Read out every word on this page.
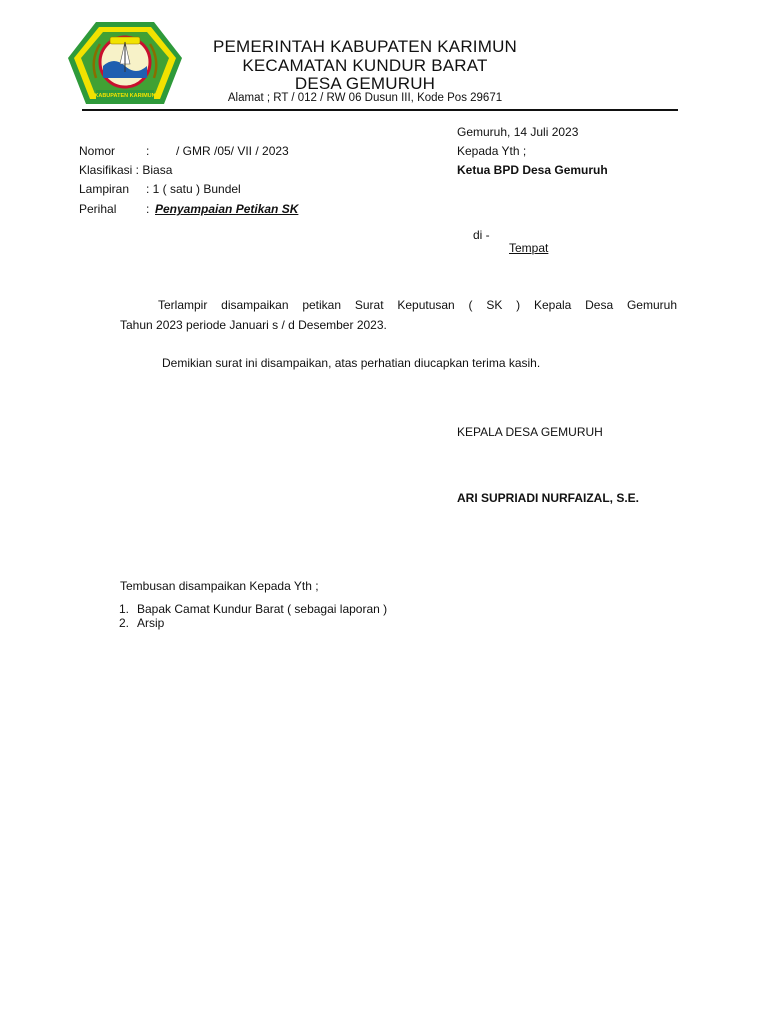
KABUPATEN KARIMUN
PEMERINTAH KABUPATEN KARIMUN
KECAMATAN KUNDUR BARAT
DESA GEMURUH
Alamat ; RT / 012 / RW 06 Dusun III, Kode Pos 29671
Nomor	: / GMR /05/ VII / 2023
Klasifikasi : Biasa
Lampiran : 1 ( satu ) Bundel
Perihal : Penyampaian Petikan SK
Gemuruh, 14 Juli 2023
Kepada Yth ;
Ketua BPD Desa Gemuruh
di -
Tempat
Terlampir disampaikan petikan Surat Keputusan ( SK ) Kepala Desa Gemuruh
Tahun 2023 periode Januari s / d Desember 2023.
Demikian surat ini disampaikan, atas perhatian diucapkan terima kasih.
KEPALA DESA GEMURUH
ARI SUPRIADI NURFAIZAL, S.E.
Tembusan disampaikan Kepada Yth ;
1. Bapak Camat Kundur Barat ( sebagai laporan )
2. Arsip
